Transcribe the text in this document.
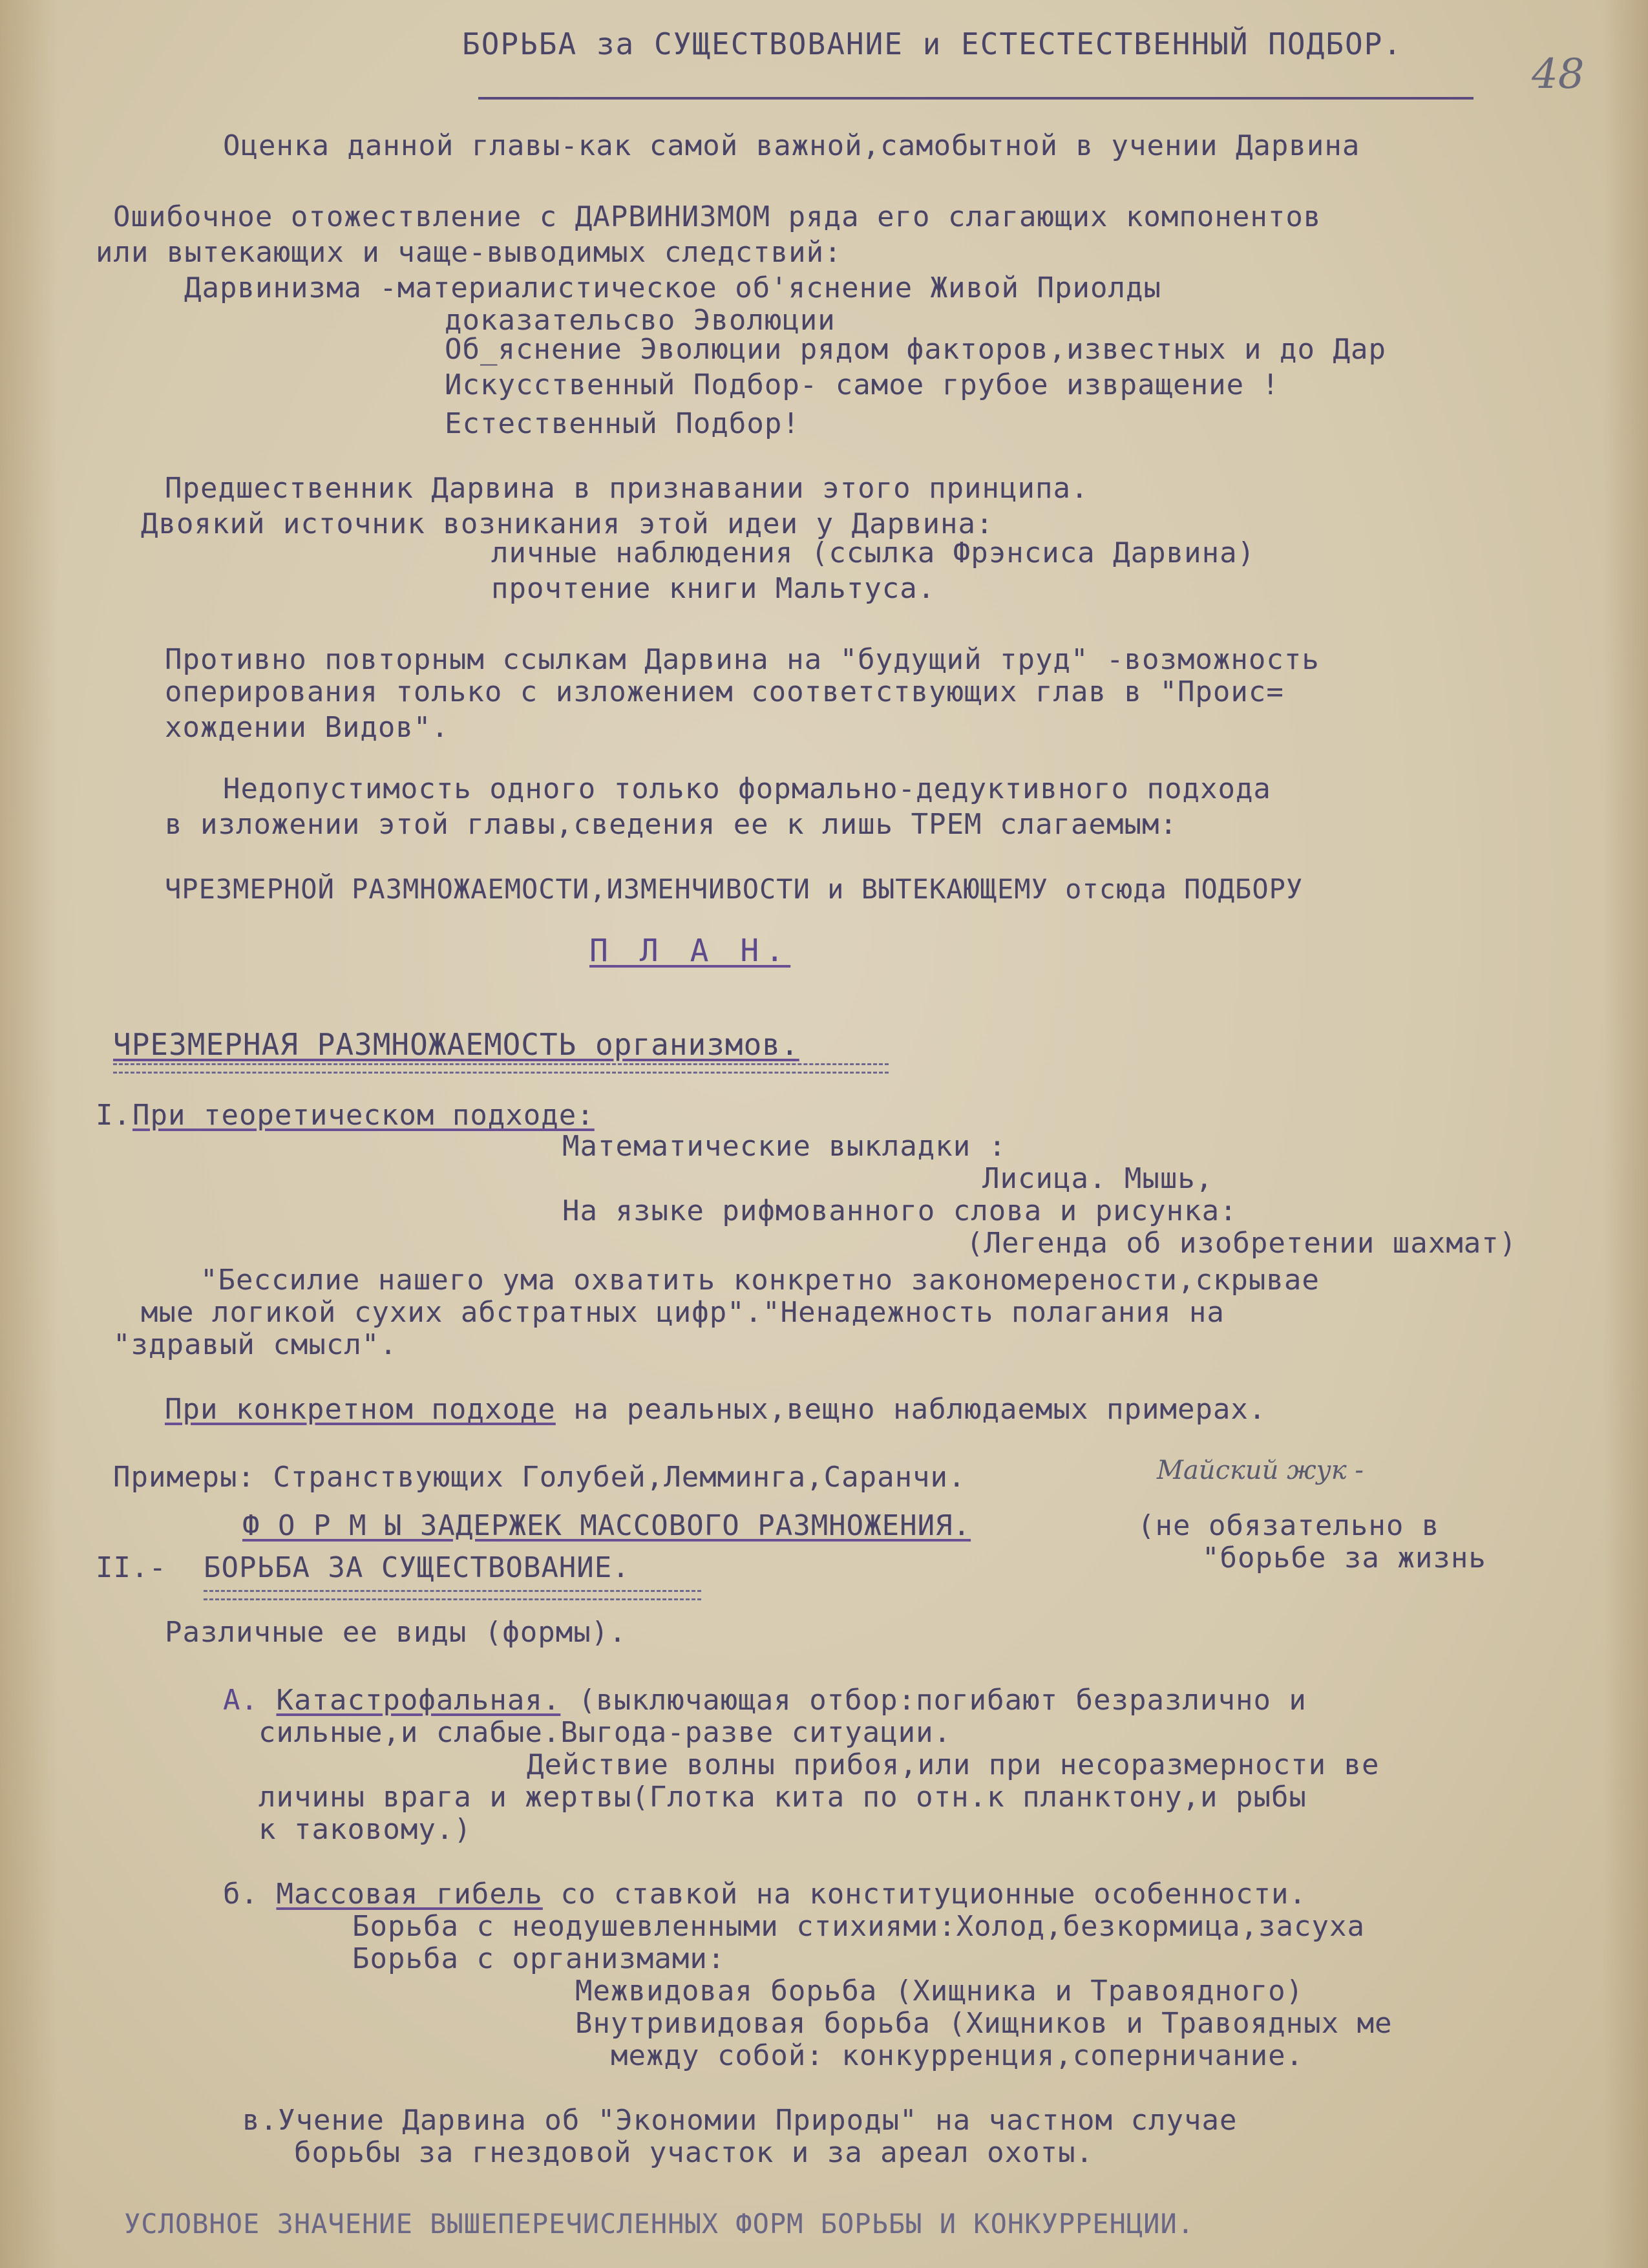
БОРЬБА за СУЩЕСТВОВАНИЕ и ЕСТЕСТЕСТВЕННЫЙ ПОДБОР.
48
Оценка данной главы-как самой важной,самобытной в учении Дарвина
Ошибочное отожествление с ДАРВИНИЗМОМ ряда его слагающих компонентов
или вытекающих и чаще-выводимых следствий:
Дарвинизма -материалистическое об'яснение Живой Приолды
доказательсво Эволюции
Об_яснение Эволюции рядом факторов,известных и до Дар
Искусственный Подбор- самое грубое извращение !
Естественный Подбор!
Предшественник Дарвина в признавании этого принципа.
Двоякий источник возникания этой идеи у Дарвина:
личные наблюдения (ссылка Фрэнсиса Дарвина)
прочтение книги Мальтуса.
Противно повторным ссылкам Дарвина на "будущий труд" -возможность
оперирования только с изложением соответствующих глав в "Проис=
хождении Видов".
Недопустимость одного только формально-дедуктивного подхода
в изложении этой главы,сведения ее к лишь ТРЕМ слагаемым:
ЧРЕЗМЕРНОЙ РАЗМНОЖАЕМОСТИ,ИЗМЕНЧИВОСТИ и ВЫТЕКАЮЩЕМУ отсюда ПОДБОРУ
П Л А Н.
ЧРЕЗМЕРНАЯ РАЗМНОЖАЕМОСТЬ организмов.
I. При теоретическом подходе:
Математические выкладки :
Лисица. Мышь,
На языке рифмованного слова и рисунка:
(Легенда об изобретении шахмат)
"Бессилие нашего ума охватить конкретно закономерености,скрывае
мые логикой сухих абстратных цифр"."Ненадежность полагания на
"здравый смысл".
При конкретном подходе на реальных,вещно наблюдаемых примерах.
Примеры: Странствующих Голубей,Лемминга,Саранчи.	Майский жук -
Ф О Р М Ы ЗАДЕРЖЕК МАССОВОГО РАЗМНОЖЕНИЯ.	(не обязательно в
II.- БОРЬБА ЗА СУЩЕСТВОВАНИЕ.	"борьбе за жизнь
Различные ее виды (формы).
А. Катастрофальная. (выключающая отбор:погибают безразлично и
сильные,и слабые.Выгода-разве ситуации.
Действие волны прибоя,или при несоразмерности ве
личины врага и жертвы(Глотка кита по отн.к планктону,и рыбы
к таковому.)
б. Массовая гибель со ставкой на конституционные особенности.
Борьба с неодушевленными стихиями:Холод,безкормица,засуха
Борьба с организмами:
Межвидовая борьба (Хищника и Травоядного)
Внутривидовая борьба (Хищников и Травоядных ме
между собой: конкурренция,соперничание.
в.Учение Дарвина об "Экономии Природы" на частном случае
борьбы за гнездовой участок и за ареал охоты.
УСЛОВНОЕ ЗНАЧЕНИЕ ВЫШЕПЕРЕЧИСЛЕННЫХ ФОРМ БОРЬБЫ И КОНКУРРЕНЦИИ.
